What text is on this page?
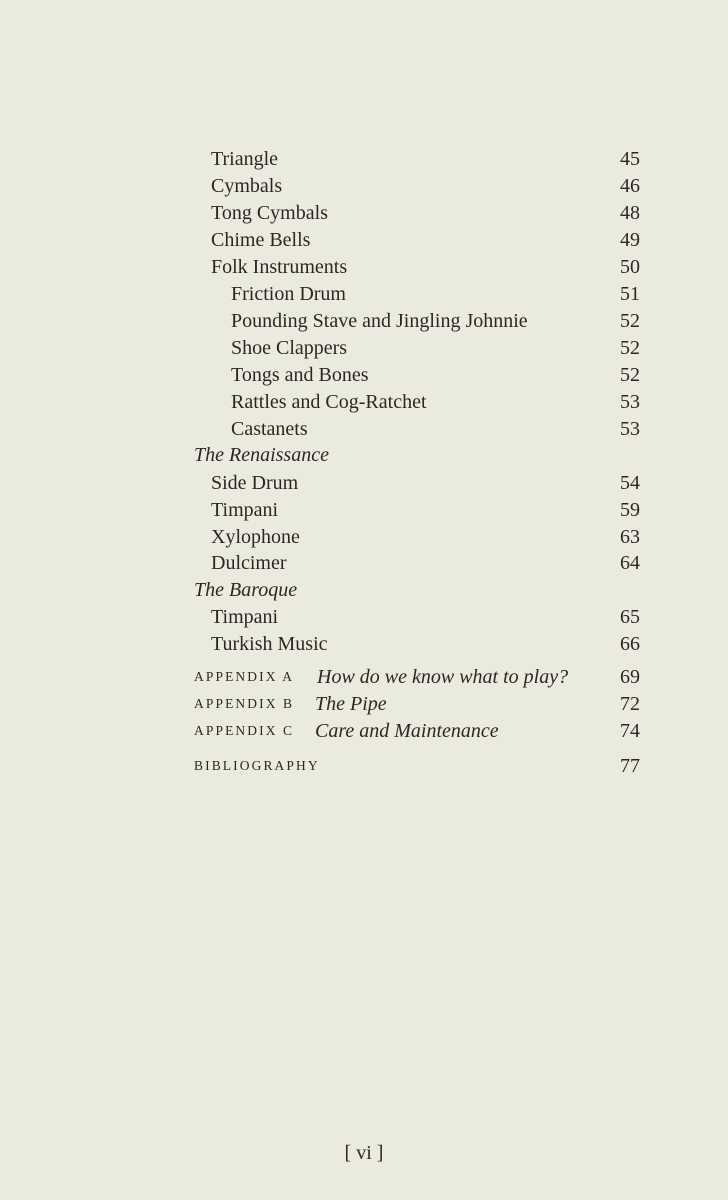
Triangle	45
Cymbals	46
Tong Cymbals	48
Chime Bells	49
Folk Instruments	50
Friction Drum	51
Pounding Stave and Jingling Johnnie	52
Shoe Clappers	52
Tongs and Bones	52
Rattles and Cog-Ratchet	53
Castanets	53
The Renaissance
Side Drum	54
Timpani	59
Xylophone	63
Dulcimer	64
The Baroque
Timpani	65
Turkish Music	66
APPENDIX A How do we know what to play?	69
APPENDIX B The Pipe	72
APPENDIX C Care and Maintenance	74
BIBLIOGRAPHY	77
[ vi ]
